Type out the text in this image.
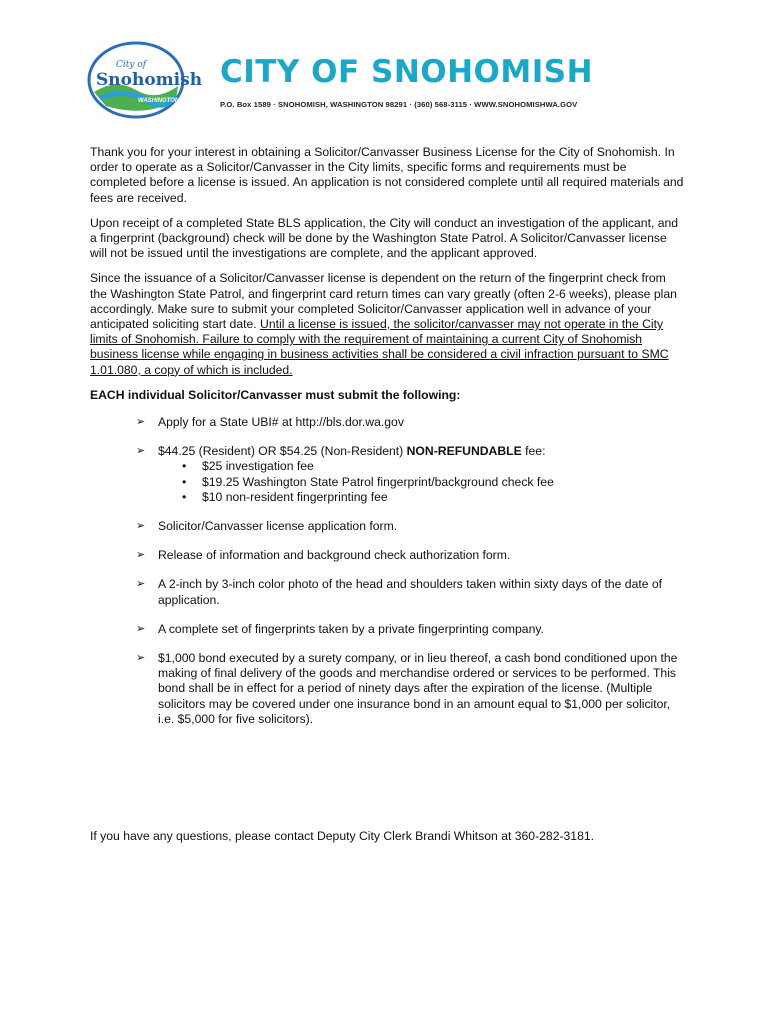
City of
Snohomish
WASHINGTON
CITY OF SNOHOMISH
P.O. Box 1589 · SNOHOMISH, WASHINGTON 98291 · (360) 568-3115 · WWW.SNOHOMISHWA.GOV

Thank you for your interest in obtaining a Solicitor/Canvasser Business License for the City of Snohomish. In order to operate as a Solicitor/Canvasser in the City limits, specific forms and requirements must be completed before a license is issued. An application is not considered complete until all required materials and fees are received.

Upon receipt of a completed State BLS application, the City will conduct an investigation of the applicant, and a fingerprint (background) check will be done by the Washington State Patrol. A Solicitor/Canvasser license will not be issued until the investigations are complete, and the applicant approved.

Since the issuance of a Solicitor/Canvasser license is dependent on the return of the fingerprint check from the Washington State Patrol, and fingerprint card return times can vary greatly (often 2-6 weeks), please plan accordingly. Make sure to submit your completed Solicitor/Canvasser application well in advance of your anticipated soliciting start date. Until a license is issued, the solicitor/canvasser may not operate in the City limits of Snohomish. Failure to comply with the requirement of maintaining a current City of Snohomish business license while engaging in business activities shall be considered a civil infraction pursuant to SMC 1.01.080, a copy of which is included.

EACH individual Solicitor/Canvasser must submit the following:
➢ Apply for a State UBI# at http://bls.dor.wa.gov
➢ $44.25 (Resident) OR $54.25 (Non-Resident) NON-REFUNDABLE fee:
• $25 investigation fee
• $19.25 Washington State Patrol fingerprint/background check fee
• $10 non-resident fingerprinting fee
➢ Solicitor/Canvasser license application form.
➢ Release of information and background check authorization form.
➢ A 2-inch by 3-inch color photo of the head and shoulders taken within sixty days of the date of application.
➢ A complete set of fingerprints taken by a private fingerprinting company.
➢ $1,000 bond executed by a surety company, or in lieu thereof, a cash bond conditioned upon the making of final delivery of the goods and merchandise ordered or services to be performed. This bond shall be in effect for a period of ninety days after the expiration of the license. (Multiple solicitors may be covered under one insurance bond in an amount equal to $1,000 per solicitor, i.e. $5,000 for five solicitors).
If you have any questions, please contact Deputy City Clerk Brandi Whitson at 360-282-3181.
